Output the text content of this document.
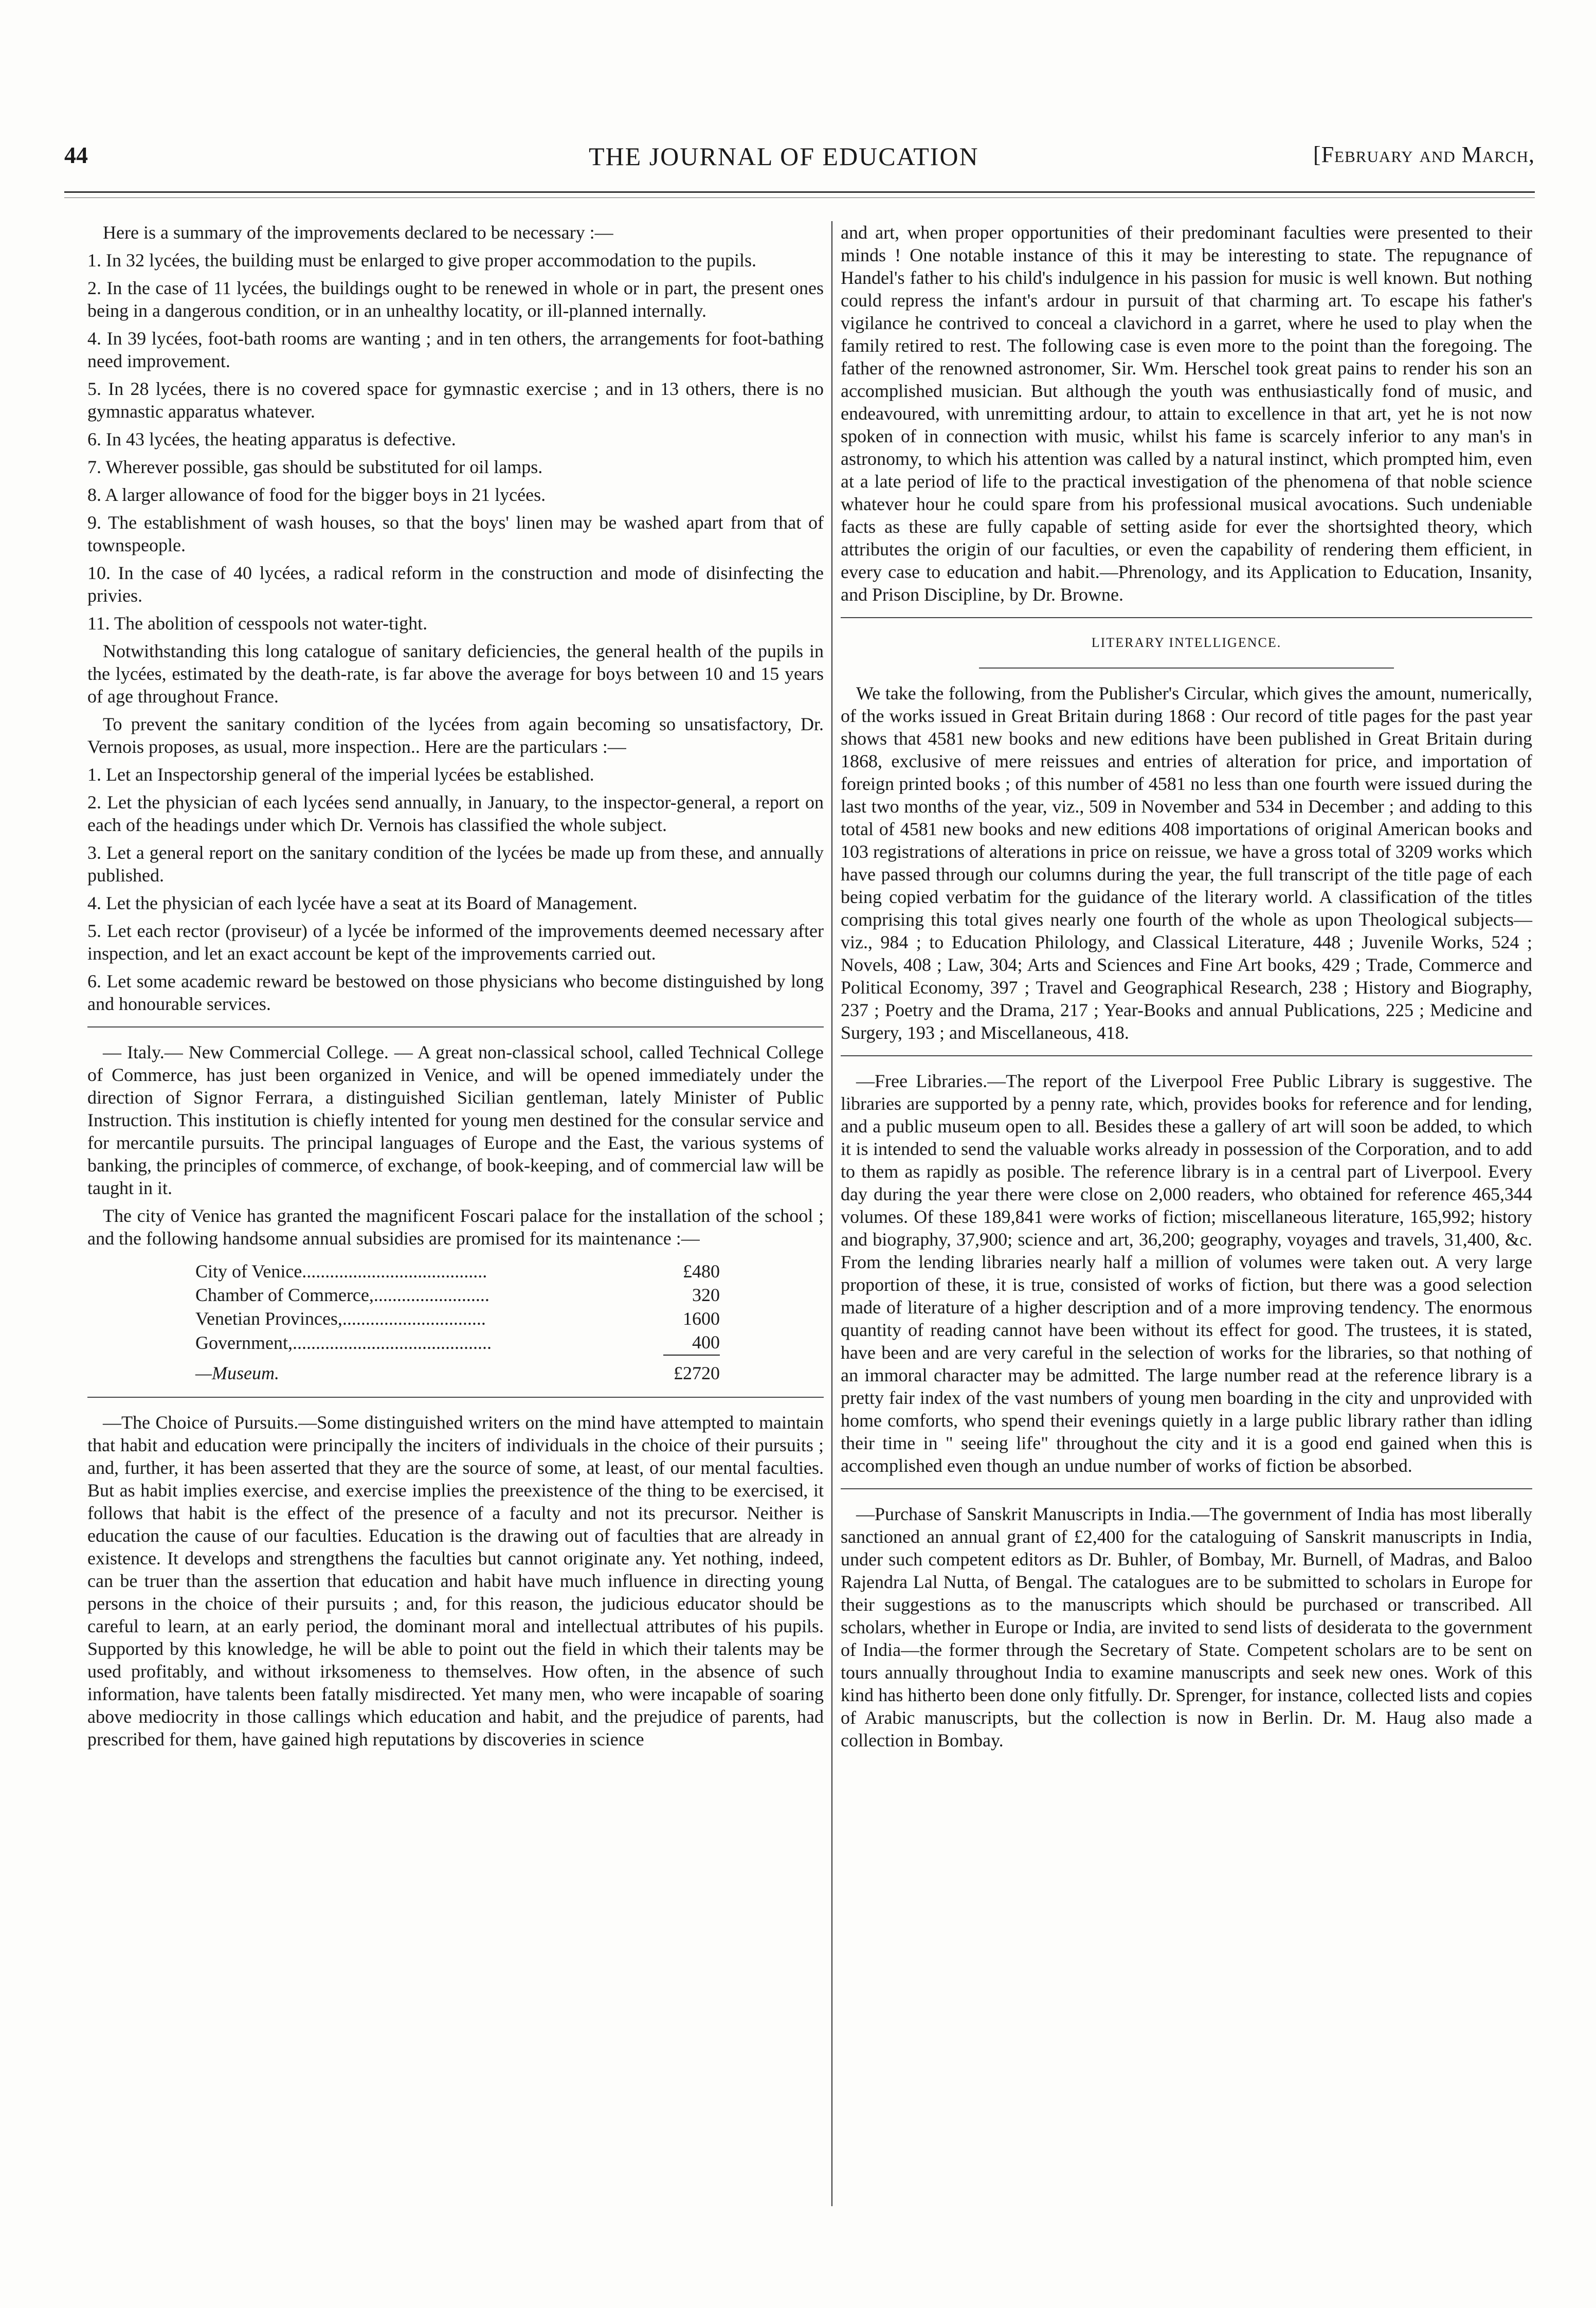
44	THE JOURNAL OF EDUCATION	[February and March,

Here is a summary of the improvements declared to be necessary :—

1. In 32 lycées, the building must be enlarged to give proper accommodation to the pupils.

2. In the case of 11 lycées, the buildings ought to be renewed in whole or in part, the present ones being in a dangerous condition, or in an unhealthy locatity, or ill-planned internally.

4. In 39 lycées, foot-bath rooms are wanting ; and in ten others, the arrangements for foot-bathing need improvement.

5. In 28 lycées, there is no covered space for gymnastic exercise ; and in 13 others, there is no gymnastic apparatus whatever.

6. In 43 lycées, the heating apparatus is defective.

7. Wherever possible, gas should be substituted for oil lamps.

8. A larger allowance of food for the bigger boys in 21 lycées.

9. The establishment of wash houses, so that the boys' linen may be washed apart from that of townspeople.

10. In the case of 40 lycées, a radical reform in the construction and mode of disinfecting the privies.

11. The abolition of cesspools not water-tight.

Notwithstanding this long catalogue of sanitary deficiencies, the general health of the pupils in the lycées, estimated by the death-rate, is far above the average for boys between 10 and 15 years of age throughout France.

To prevent the sanitary condition of the lycées from again becoming so unsatisfactory, Dr. Vernois proposes, as usual, more inspection.. Here are the particulars :—

1. Let an Inspectorship general of the imperial lycées be established.

2. Let the physician of each lycées send annually, in January, to the inspector-general, a report on each of the headings under which Dr. Vernois has classified the whole subject.

3. Let a general report on the sanitary condition of the lycées be made up from these, and annually published.

4. Let the physician of each lycée have a seat at its Board of Management.

5. Let each rector (proviseur) of a lycée be informed of the improvements deemed necessary after inspection, and let an exact account be kept of the improvements carried out.

6. Let some academic reward be bestowed on those physicians who become distinguished by long and honourable services.

— Italy.— New Commercial College. — A great non-classical school, called Technical College of Commerce, has just been organized in Venice, and will be opened immediately under the direction of Signor Ferrara, a distinguished Sicilian gentleman, lately Minister of Public Instruction. This institution is chiefly intented for young men destined for the consular service and for mercantile pursuits. The principal languages of Europe and the East, the various systems of banking, the principles of commerce, of exchange, of book-keeping, and of commercial law will be taught in it.

The city of Venice has granted the magnificent Foscari palace for the installation of the school ; and the following handsome annual subsidies are promised for its maintenance :—

City of Venice........................................	£480
Chamber of Commerce,.........................	320
Venetian Provinces,...............................	1600
Government,...........................................	400
—Museum.	£2720

—The Choice of Pursuits.—Some distinguished writers on the mind have attempted to maintain that habit and education were principally the inciters of individuals in the choice of their pursuits ; and, further, it has been asserted that they are the source of some, at least, of our mental faculties. But as habit implies exercise, and exercise implies the preexistence of the thing to be exercised, it follows that habit is the effect of the presence of a faculty and not its precursor. Neither is education the cause of our faculties. Education is the drawing out of faculties that are already in existence. It develops and strengthens the faculties but cannot originate any. Yet nothing, indeed, can be truer than the assertion that education and habit have much influence in directing young persons in the choice of their pursuits ; and, for this reason, the judicious educator should be careful to learn, at an early period, the dominant moral and intellectual attributes of his pupils. Supported by this knowledge, he will be able to point out the field in which their talents may be used profitably, and without irksomeness to themselves. How often, in the absence of such information, have talents been fatally misdirected. Yet many men, who were incapable of soaring above mediocrity in those callings which education and habit, and the prejudice of parents, had prescribed for them, have gained high reputations by discoveries in science

and art, when proper opportunities of their predominant faculties were presented to their minds ! One notable instance of this it may be interesting to state. The repugnance of Handel's father to his child's indulgence in his passion for music is well known. But nothing could repress the infant's ardour in pursuit of that charming art. To escape his father's vigilance he contrived to conceal a clavichord in a garret, where he used to play when the family retired to rest. The following case is even more to the point than the foregoing. The father of the renowned astronomer, Sir. Wm. Herschel took great pains to render his son an accomplished musician. But although the youth was enthusiastically fond of music, and endeavoured, with unremitting ardour, to attain to excellence in that art, yet he is not now spoken of in connection with music, whilst his fame is scarcely inferior to any man's in astronomy, to which his attention was called by a natural instinct, which prompted him, even at a late period of life to the practical investigation of the phenomena of that noble science whatever hour he could spare from his professional musical avocations. Such undeniable facts as these are fully capable of setting aside for ever the shortsighted theory, which attributes the origin of our faculties, or even the capability of rendering them efficient, in every case to education and habit.—Phrenology, and its Application to Education, Insanity, and Prison Discipline, by Dr. Browne.

LITERARY INTELLIGENCE.

We take the following, from the Publisher's Circular, which gives the amount, numerically, of the works issued in Great Britain during 1868 : Our record of title pages for the past year shows that 4581 new books and new editions have been published in Great Britain during 1868, exclusive of mere reissues and entries of alteration for price, and importation of foreign printed books ; of this number of 4581 no less than one fourth were issued during the last two months of the year, viz., 509 in November and 534 in December ; and adding to this total of 4581 new books and new editions 408 importations of original American books and 103 registrations of alterations in price on reissue, we have a gross total of 3209 works which have passed through our columns during the year, the full transcript of the title page of each being copied verbatim for the guidance of the literary world. A classification of the titles comprising this total gives nearly one fourth of the whole as upon Theological subjects—viz., 984 ; to Education Philology, and Classical Literature, 448 ; Juvenile Works, 524 ; Novels, 408 ; Law, 304; Arts and Sciences and Fine Art books, 429 ; Trade, Commerce and Political Economy, 397 ; Travel and Geographical Research, 238 ; History and Biography, 237 ; Poetry and the Drama, 217 ; Year-Books and annual Publications, 225 ; Medicine and Surgery, 193 ; and Miscellaneous, 418.

—Free Libraries.—The report of the Liverpool Free Public Library is suggestive. The libraries are supported by a penny rate, which, provides books for reference and for lending, and a public museum open to all. Besides these a gallery of art will soon be added, to which it is intended to send the valuable works already in possession of the Corporation, and to add to them as rapidly as posible. The reference library is in a central part of Liverpool. Every day during the year there were close on 2,000 readers, who obtained for reference 465,344 volumes. Of these 189,841 were works of fiction; miscellaneous literature, 165,992; history and biography, 37,900; science and art, 36,200; geography, voyages and travels, 31,400, &c. From the lending libraries nearly half a million of volumes were taken out. A very large proportion of these, it is true, consisted of works of fiction, but there was a good selection made of literature of a higher description and of a more improving tendency. The enormous quantity of reading cannot have been without its effect for good. The trustees, it is stated, have been and are very careful in the selection of works for the libraries, so that nothing of an immoral character may be admitted. The large number read at the reference library is a pretty fair index of the vast numbers of young men boarding in the city and unprovided with home comforts, who spend their evenings quietly in a large public library rather than idling their time in " seeing life" throughout the city and it is a good end gained when this is accomplished even though an undue number of works of fiction be absorbed.

—Purchase of Sanskrit Manuscripts in India.—The government of India has most liberally sanctioned an annual grant of £2,400 for the cataloguing of Sanskrit manuscripts in India, under such competent editors as Dr. Buhler, of Bombay, Mr. Burnell, of Madras, and Baloo Rajendra Lal Nutta, of Bengal. The catalogues are to be submitted to scholars in Europe for their suggestions as to the manuscripts which should be purchased or transcribed. All scholars, whether in Europe or India, are invited to send lists of desiderata to the government of India—the former through the Secretary of State. Competent scholars are to be sent on tours annually throughout India to examine manuscripts and seek new ones. Work of this kind has hitherto been done only fitfully. Dr. Sprenger, for instance, collected lists and copies of Arabic manuscripts, but the collection is now in Berlin. Dr. M. Haug also made a collection in Bombay.
